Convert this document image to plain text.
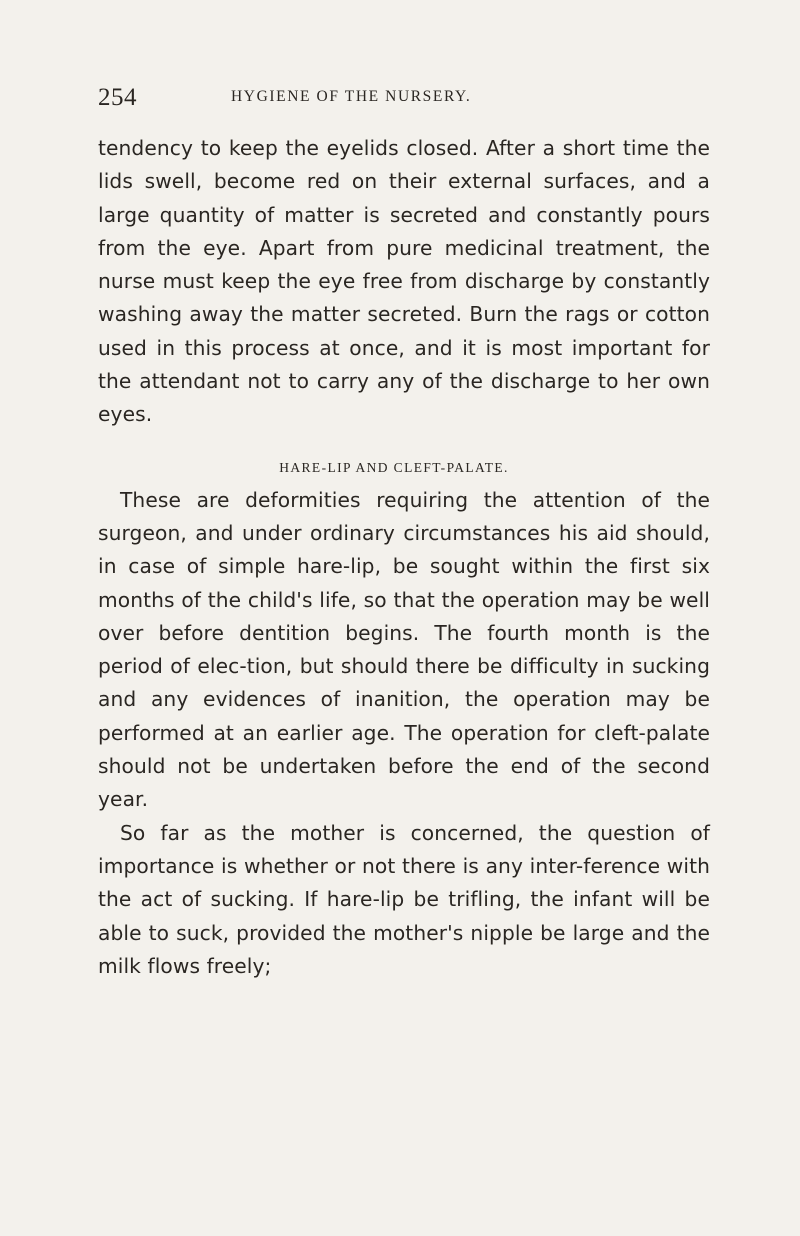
254	HYGIENE OF THE NURSERY.

tendency to keep the eyelids closed. After a short time the lids swell, become red on their external surfaces, and a large quantity of matter is secreted and constantly pours from the eye. Apart from pure medicinal treatment, the nurse must keep the eye free from discharge by constantly washing away the matter secreted. Burn the rags or cotton used in this process at once, and it is most important for the attendant not to carry any of the discharge to her own eyes.

HARE-LIP AND CLEFT-PALATE.

These are deformities requiring the attention of the surgeon, and under ordinary circumstances his aid should, in case of simple hare-lip, be sought within the first six months of the child's life, so that the operation may be well over before dentition begins. The fourth month is the period of elec-tion, but should there be difficulty in sucking and any evidences of inanition, the operation may be performed at an earlier age. The operation for cleft-palate should not be undertaken before the end of the second year.

So far as the mother is concerned, the question of importance is whether or not there is any inter-ference with the act of sucking. If hare-lip be trifling, the infant will be able to suck, provided the mother's nipple be large and the milk flows freely;
